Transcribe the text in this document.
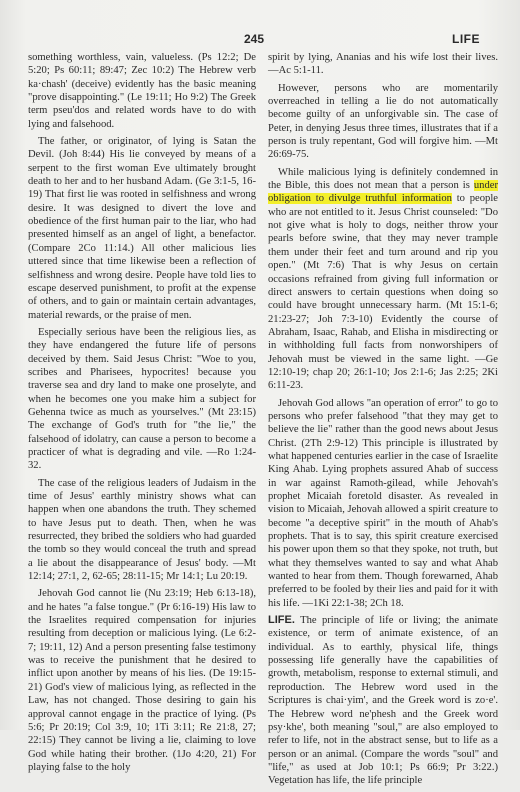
245	LIFE

something worthless, vain, valueless. (Ps 12:2; De 5:20; Ps 60:11; 89:47; Zec 10:2) The Hebrew verb ka·chash' (deceive) evidently has the basic meaning "prove disappointing." (Le 19:11; Ho 9:2) The Greek term pseu'dos and related words have to do with lying and falsehood.

The father, or originator, of lying is Satan the Devil. (Joh 8:44) His lie conveyed by means of a serpent to the first woman Eve ultimately brought death to her and to her husband Adam. (Ge 3:1-5, 16-19) That first lie was rooted in selfishness and wrong desire. It was designed to divert the love and obedience of the first human pair to the liar, who had presented himself as an angel of light, a benefactor. (Compare 2Co 11:14.) All other malicious lies uttered since that time likewise been a reflection of selfishness and wrong desire. People have told lies to escape deserved punishment, to profit at the expense of others, and to gain or maintain certain advantages, material rewards, or the praise of men.

Especially serious have been the religious lies, as they have endangered the future life of persons deceived by them. Said Jesus Christ: "Woe to you, scribes and Pharisees, hypocrites! because you traverse sea and dry land to make one proselyte, and when he becomes one you make him a subject for Gehenna twice as much as yourselves." (Mt 23:15) The exchange of God's truth for "the lie," the falsehood of idolatry, can cause a person to become a practicer of what is degrading and vile. —Ro 1:24-32.

The case of the religious leaders of Judaism in the time of Jesus' earthly ministry shows what can happen when one abandons the truth. They schemed to have Jesus put to death. Then, when he was resurrected, they bribed the soldiers who had guarded the tomb so they would conceal the truth and spread a lie about the disappearance of Jesus' body. —Mt 12:14; 27:1, 2, 62-65; 28:11-15; Mr 14:1; Lu 20:19.

Jehovah God cannot lie (Nu 23:19; Heb 6:13-18), and he hates "a false tongue." (Pr 6:16-19) His law to the Israelites required compensation for injuries resulting from deception or malicious lying. (Le 6:2-7; 19:11, 12) And a person presenting false testimony was to receive the punishment that he desired to inflict upon another by means of his lies. (De 19:15-21) God's view of malicious lying, as reflected in the Law, has not changed. Those desiring to gain his approval cannot engage in the practice of lying. (Ps 5:6; Pr 20:19; Col 3:9, 10; 1Ti 3:11; Re 21:8, 27; 22:15) They cannot be living a lie, claiming to love God while hating their brother. (1Jo 4:20, 21) For playing false to the holy

spirit by lying, Ananias and his wife lost their lives. —Ac 5:1-11.

However, persons who are momentarily overreached in telling a lie do not automatically become guilty of an unforgivable sin. The case of Peter, in denying Jesus three times, illustrates that if a person is truly repentant, God will forgive him. —Mt 26:69-75.

While malicious lying is definitely condemned in the Bible, this does not mean that a person is under obligation to divulge truthful information to people who are not entitled to it. Jesus Christ counseled: "Do not give what is holy to dogs, neither throw your pearls before swine, that they may never trample them under their feet and turn around and rip you open." (Mt 7:6) That is why Jesus on certain occasions refrained from giving full information or direct answers to certain questions when doing so could have brought unnecessary harm. (Mt 15:1-6; 21:23-27; Joh 7:3-10) Evidently the course of Abraham, Isaac, Rahab, and Elisha in misdirecting or in withholding full facts from nonworshipers of Jehovah must be viewed in the same light. —Ge 12:10-19; chap 20; 26:1-10; Jos 2:1-6; Jas 2:25; 2Ki 6:11-23.

Jehovah God allows "an operation of error" to go to persons who prefer falsehood "that they may get to believe the lie" rather than the good news about Jesus Christ. (2Th 2:9-12) This principle is illustrated by what happened centuries earlier in the case of Israelite King Ahab. Lying prophets assured Ahab of success in war against Ramoth-gilead, while Jehovah's prophet Micaiah foretold disaster. As revealed in vision to Micaiah, Jehovah allowed a spirit creature to become "a deceptive spirit" in the mouth of Ahab's prophets. That is to say, this spirit creature exercised his power upon them so that they spoke, not truth, but what they themselves wanted to say and what Ahab wanted to hear from them. Though forewarned, Ahab preferred to be fooled by their lies and paid for it with his life. —1Ki 22:1-38; 2Ch 18.

LIFE. The principle of life or living; the animate existence, or term of animate existence, of an individual. As to earthly, physical life, things possessing life generally have the capabilities of growth, metabolism, response to external stimuli, and reproduction. The Hebrew word used in the Scriptures is chai·yim', and the Greek word is zo·e'. The Hebrew word ne'phesh and the Greek word psy·khe', both meaning "soul," are also employed to refer to life, not in the abstract sense, but to life as a person or an animal. (Compare the words "soul" and "life," as used at Job 10:1; Ps 66:9; Pr 3:22.) Vegetation has life, the life principle
